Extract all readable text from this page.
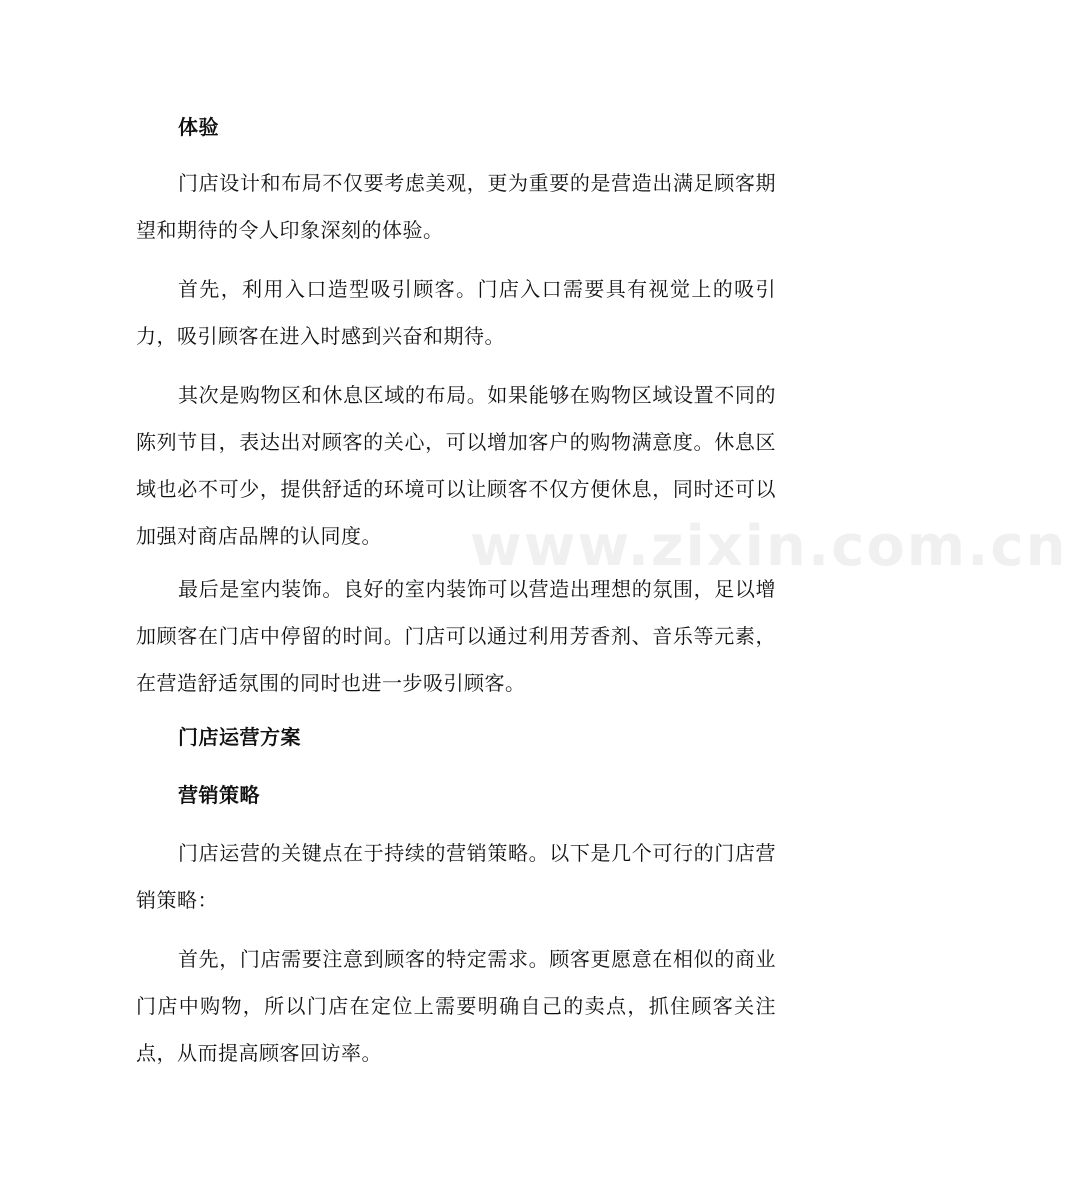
www.zixin.com.cn
体验
门店设计和布局不仅要考虑美观，更为重要的是营造出满足顾客期望和期待的令人印象深刻的体验。
首先，利用入口造型吸引顾客。门店入口需要具有视觉上的吸引力，吸引顾客在进入时感到兴奋和期待。
其次是购物区和休息区域的布局。如果能够在购物区域设置不同的陈列节目，表达出对顾客的关心，可以增加客户的购物满意度。休息区域也必不可少，提供舒适的环境可以让顾客不仅方便休息，同时还可以加强对商店品牌的认同度。
最后是室内装饰。良好的室内装饰可以营造出理想的氛围，足以增加顾客在门店中停留的时间。门店可以通过利用芳香剂、音乐等元素，在营造舒适氛围的同时也进一步吸引顾客。
门店运营方案
营销策略
门店运营的关键点在于持续的营销策略。以下是几个可行的门店营销策略：
首先，门店需要注意到顾客的特定需求。顾客更愿意在相似的商业门店中购物，所以门店在定位上需要明确自己的卖点，抓住顾客关注点，从而提高顾客回访率。
